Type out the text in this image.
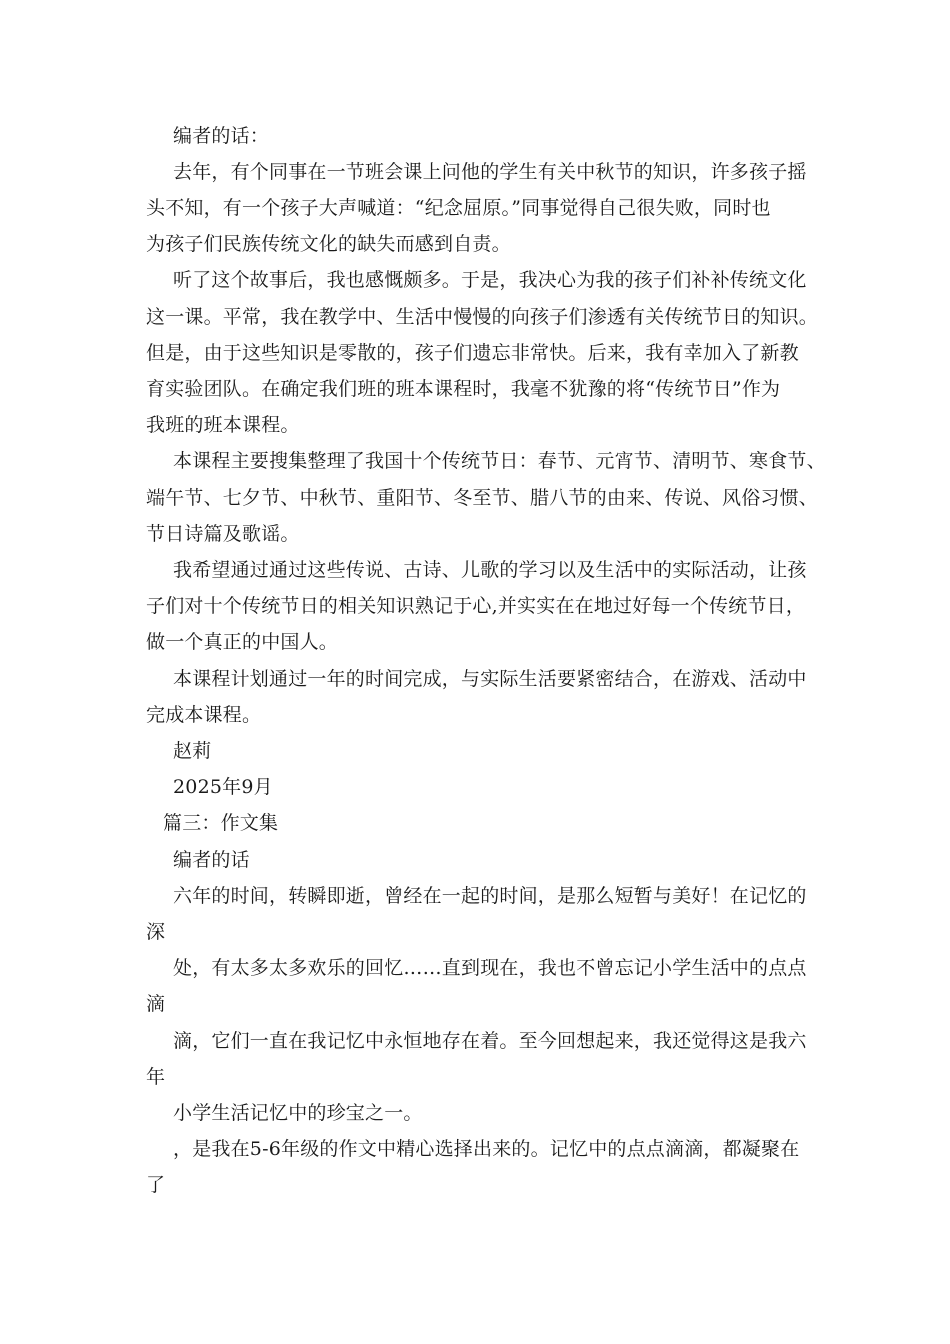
编者的话：
去年，有个同事在一节班会课上问他的学生有关中秋节的知识，许多孩子摇
头不知，有一个孩子大声喊道：“纪念屈原。”同事觉得自己很失败，同时也
为孩子们民族传统文化的缺失而感到自责。
听了这个故事后，我也感慨颇多。于是，我决心为我的孩子们补补传统文化
这一课。平常，我在教学中、生活中慢慢的向孩子们渗透有关传统节日的知识。
但是，由于这些知识是零散的，孩子们遗忘非常快。后来，我有幸加入了新教
育实验团队。在确定我们班的班本课程时，我毫不犹豫的将“传统节日”作为
我班的班本课程。
本课程主要搜集整理了我国十个传统节日：春节、元宵节、清明节、寒食节、
端午节、七夕节、中秋节、重阳节、冬至节、腊八节的由来、传说、风俗习惯、
节日诗篇及歌谣。
我希望通过通过这些传说、古诗、儿歌的学习以及生活中的实际活动，让孩
子们对十个传统节日的相关知识熟记于心,并实实在在地过好每一个传统节日，
做一个真正的中国人。
本课程计划通过一年的时间完成，与实际生活要紧密结合，在游戏、活动中
完成本课程。
赵莉
2025年9月
篇三：作文集
编者的话
六年的时间，转瞬即逝，曾经在一起的时间，是那么短暂与美好！在记忆的
深
处，有太多太多欢乐的回忆……直到现在，我也不曾忘记小学生活中的点点
滴
滴，它们一直在我记忆中永恒地存在着。至今回想起来，我还觉得这是我六
年
小学生活记忆中的珍宝之一。
，是我在5-6年级的作文中精心选择出来的。记忆中的点点滴滴，都凝聚在
了
